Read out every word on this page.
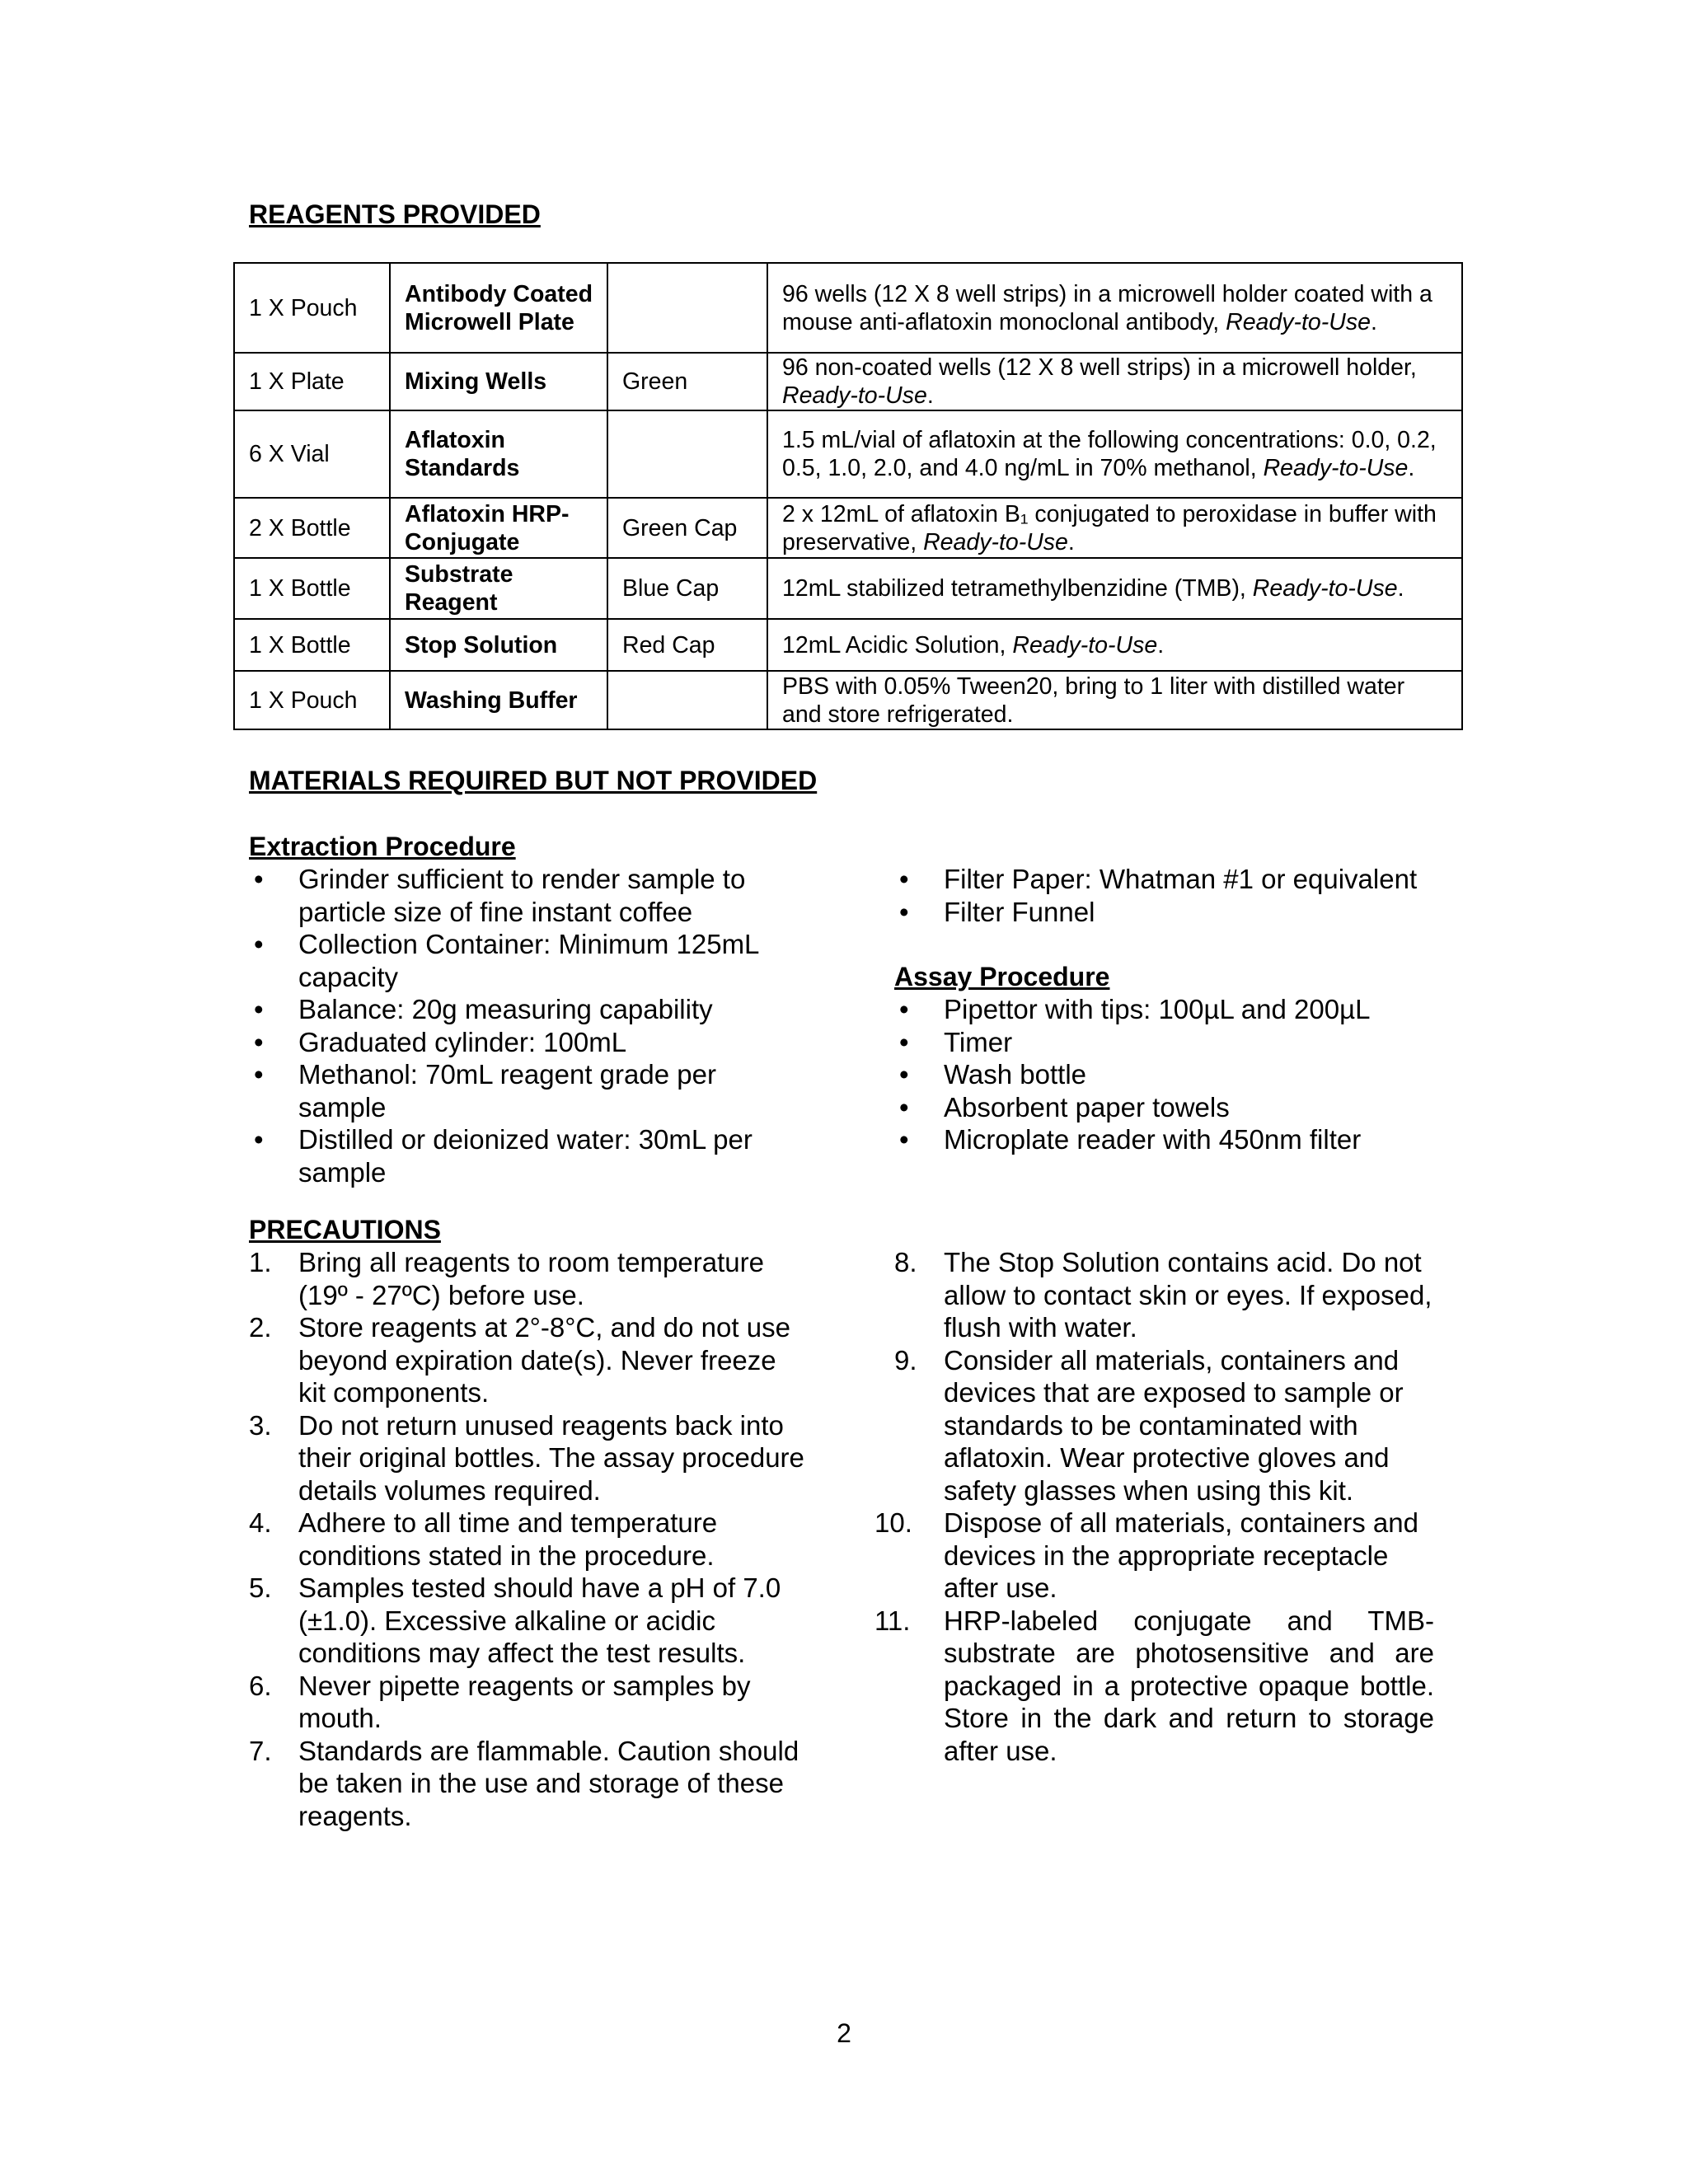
REAGENTS PROVIDED
1 X Pouch	Antibody Coated Microwell Plate		96 wells (12 X 8 well strips) in a microwell holder coated with a mouse anti-aflatoxin monoclonal antibody, Ready-to-Use.
1 X Plate	Mixing Wells	Green	96 non-coated wells (12 X 8 well strips) in a microwell holder, Ready-to-Use.
6 X Vial	Aflatoxin Standards		1.5 mL/vial of aflatoxin at the following concentrations: 0.0, 0.2, 0.5, 1.0, 2.0, and 4.0 ng/mL in 70% methanol, Ready-to-Use.
2 X Bottle	Aflatoxin HRP-Conjugate	Green Cap	2 x 12mL of aflatoxin B₁ conjugated to peroxidase in buffer with preservative, Ready-to-Use.
1 X Bottle	Substrate Reagent	Blue Cap	12mL stabilized tetramethylbenzidine (TMB), Ready-to-Use.
1 X Bottle	Stop Solution	Red Cap	12mL Acidic Solution, Ready-to-Use.
1 X Pouch	Washing Buffer		PBS with 0.05% Tween20, bring to 1 liter with distilled water and store refrigerated.
MATERIALS REQUIRED BUT NOT PROVIDED
Extraction Procedure
• Grinder sufficient to render sample to particle size of fine instant coffee
• Collection Container: Minimum 125mL capacity
• Balance: 20g measuring capability
• Graduated cylinder: 100mL
• Methanol: 70mL reagent grade per sample
• Distilled or deionized water: 30mL per sample
• Filter Paper: Whatman #1 or equivalent
• Filter Funnel
Assay Procedure
• Pipettor with tips: 100µL and 200µL
• Timer
• Wash bottle
• Absorbent paper towels
• Microplate reader with 450nm filter
PRECAUTIONS
1. Bring all reagents to room temperature (19º - 27ºC) before use.
2. Store reagents at 2°-8°C, and do not use beyond expiration date(s). Never freeze kit components.
3. Do not return unused reagents back into their original bottles. The assay procedure details volumes required.
4. Adhere to all time and temperature conditions stated in the procedure.
5. Samples tested should have a pH of 7.0 (±1.0). Excessive alkaline or acidic conditions may affect the test results.
6. Never pipette reagents or samples by mouth.
7. Standards are flammable. Caution should be taken in the use and storage of these reagents.
8. The Stop Solution contains acid. Do not allow to contact skin or eyes. If exposed, flush with water.
9. Consider all materials, containers and devices that are exposed to sample or standards to be contaminated with aflatoxin. Wear protective gloves and safety glasses when using this kit.
10.	Dispose of all materials, containers and devices in the appropriate receptacle after use.
11.	HRP-labeled conjugate and TMB-substrate are photosensitive and are packaged in a protective opaque bottle. Store in the dark and return to storage after use.

2
